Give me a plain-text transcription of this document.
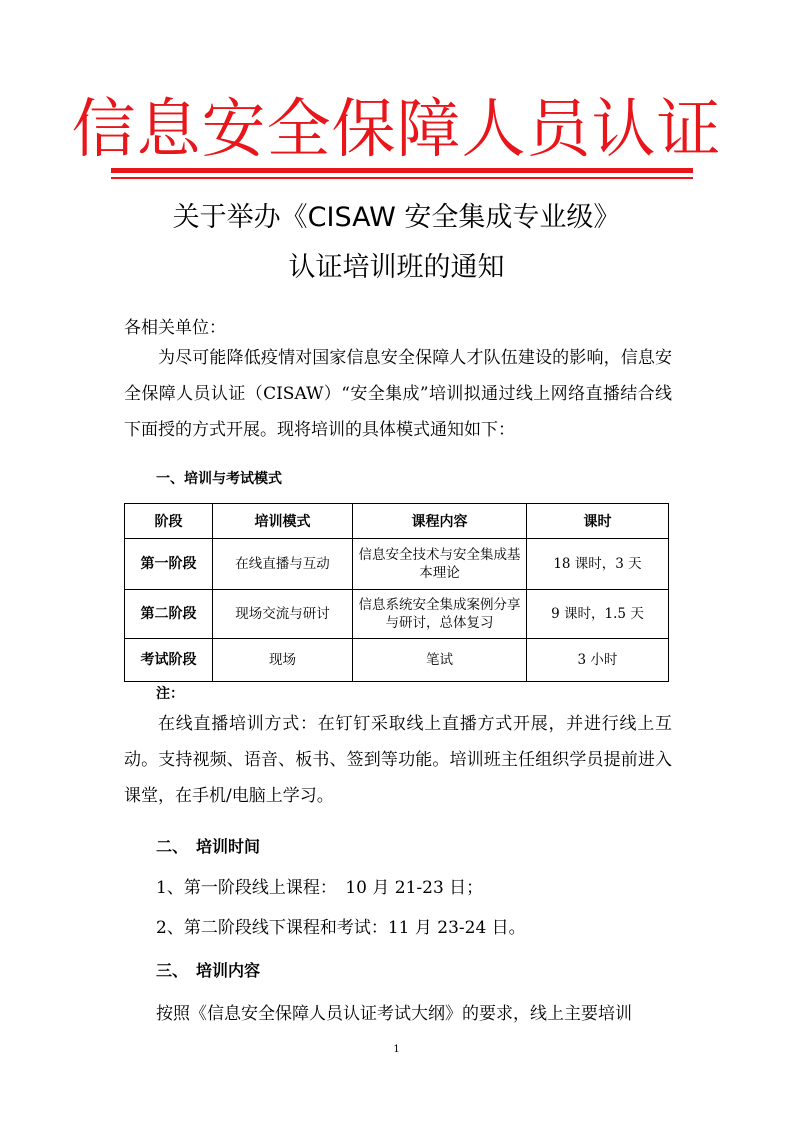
信息安全保障人员认证
关于举办《CISAW 安全集成专业级》
认证培训班的通知
各相关单位：
为尽可能降低疫情对国家信息安全保障人才队伍建设的影响，信息安全保障人员认证（CISAW）“安全集成”培训拟通过线上网络直播结合线下面授的方式开展。现将培训的具体模式通知如下：
一、培训与考试模式
阶段	培训模式	课程内容	课时
第一阶段	在线直播与互动	信息安全技术与安全集成基本理论	18 课时，3 天
第二阶段	现场交流与研讨	信息系统安全集成案例分享与研讨，总体复习	9 课时，1.5 天
考试阶段	现场	笔试	3 小时
注：
在线直播培训方式：在钉钉采取线上直播方式开展，并进行线上互动。支持视频、语音、板书、签到等功能。培训班主任组织学员提前进入课堂，在手机/电脑上学习。
二、　培训时间
1、第一阶段线上课程：　10 月 21-23 日；
2、第二阶段线下课程和考试：11 月 23-24 日。
三、　培训内容
按照《信息安全保障人员认证考试大纲》的要求，线上主要培训
1
